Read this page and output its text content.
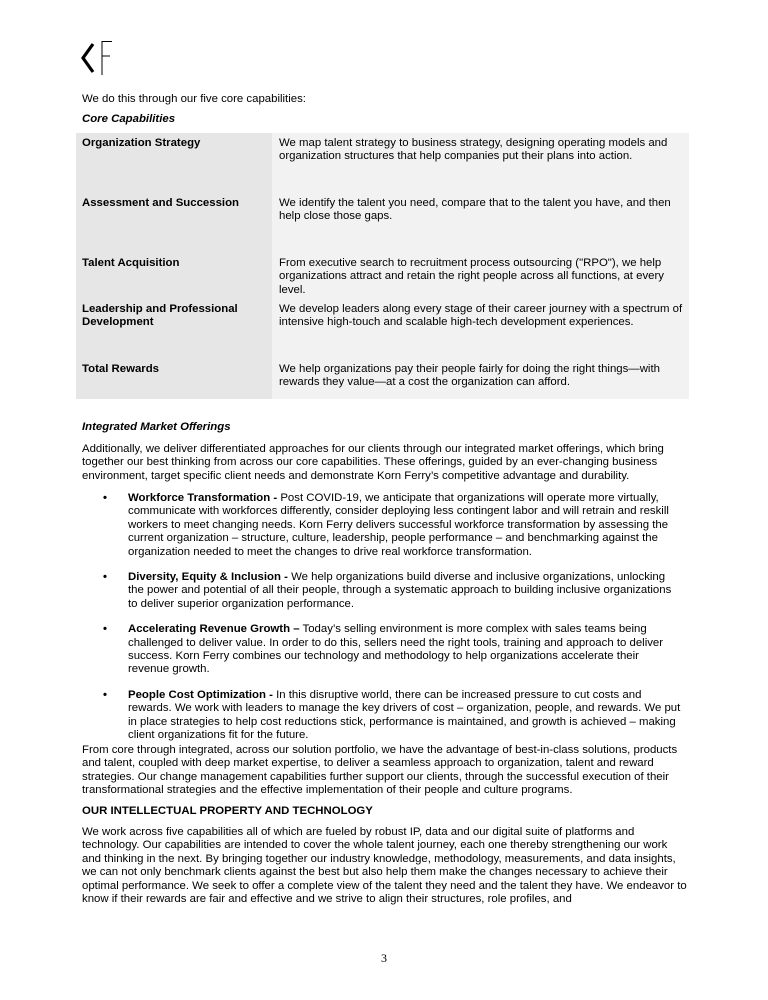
We do this through our five core capabilities:
Core Capabilities
Organization Strategy	We map talent strategy to business strategy, designing operating models and organization structures that help companies put their plans into action.
Assessment and Succession	We identify the talent you need, compare that to the talent you have, and then help close those gaps.
Talent Acquisition	From executive search to recruitment process outsourcing ("RPO"), we help organizations attract and retain the right people across all functions, at every level.
Leadership and Professional Development	We develop leaders along every stage of their career journey with a spectrum of intensive high-touch and scalable high-tech development experiences.
Total Rewards	We help organizations pay their people fairly for doing the right things—with rewards they value—at a cost the organization can afford.
Integrated Market Offerings
Additionally, we deliver differentiated approaches for our clients through our integrated market offerings, which bring together our best thinking from across our core capabilities. These offerings, guided by an ever-changing business environment, target specific client needs and demonstrate Korn Ferry’s competitive advantage and durability.
• Workforce Transformation - Post COVID-19, we anticipate that organizations will operate more virtually, communicate with workforces differently, consider deploying less contingent labor and will retrain and reskill workers to meet changing needs. Korn Ferry delivers successful workforce transformation by assessing the current organization – structure, culture, leadership, people performance – and benchmarking against the organization needed to meet the changes to drive real workforce transformation.
• Diversity, Equity & Inclusion - We help organizations build diverse and inclusive organizations, unlocking the power and potential of all their people, through a systematic approach to building inclusive organizations to deliver superior organization performance.
• Accelerating Revenue Growth – Today’s selling environment is more complex with sales teams being challenged to deliver value. In order to do this, sellers need the right tools, training and approach to deliver success. Korn Ferry combines our technology and methodology to help organizations accelerate their revenue growth.
• People Cost Optimization - In this disruptive world, there can be increased pressure to cut costs and rewards. We work with leaders to manage the key drivers of cost – organization, people, and rewards. We put in place strategies to help cost reductions stick, performance is maintained, and growth is achieved – making client organizations fit for the future.
From core through integrated, across our solution portfolio, we have the advantage of best-in-class solutions, products and talent, coupled with deep market expertise, to deliver a seamless approach to organization, talent and reward strategies. Our change management capabilities further support our clients, through the successful execution of their transformational strategies and the effective implementation of their people and culture programs.
OUR INTELLECTUAL PROPERTY AND TECHNOLOGY
We work across five capabilities all of which are fueled by robust IP, data and our digital suite of platforms and technology. Our capabilities are intended to cover the whole talent journey, each one thereby strengthening our work and thinking in the next. By bringing together our industry knowledge, methodology, measurements, and data insights, we can not only benchmark clients against the best but also help them make the changes necessary to achieve their optimal performance. We seek to offer a complete view of the talent they need and the talent they have. We endeavor to know if their rewards are fair and effective and we strive to align their structures, role profiles, and
3
